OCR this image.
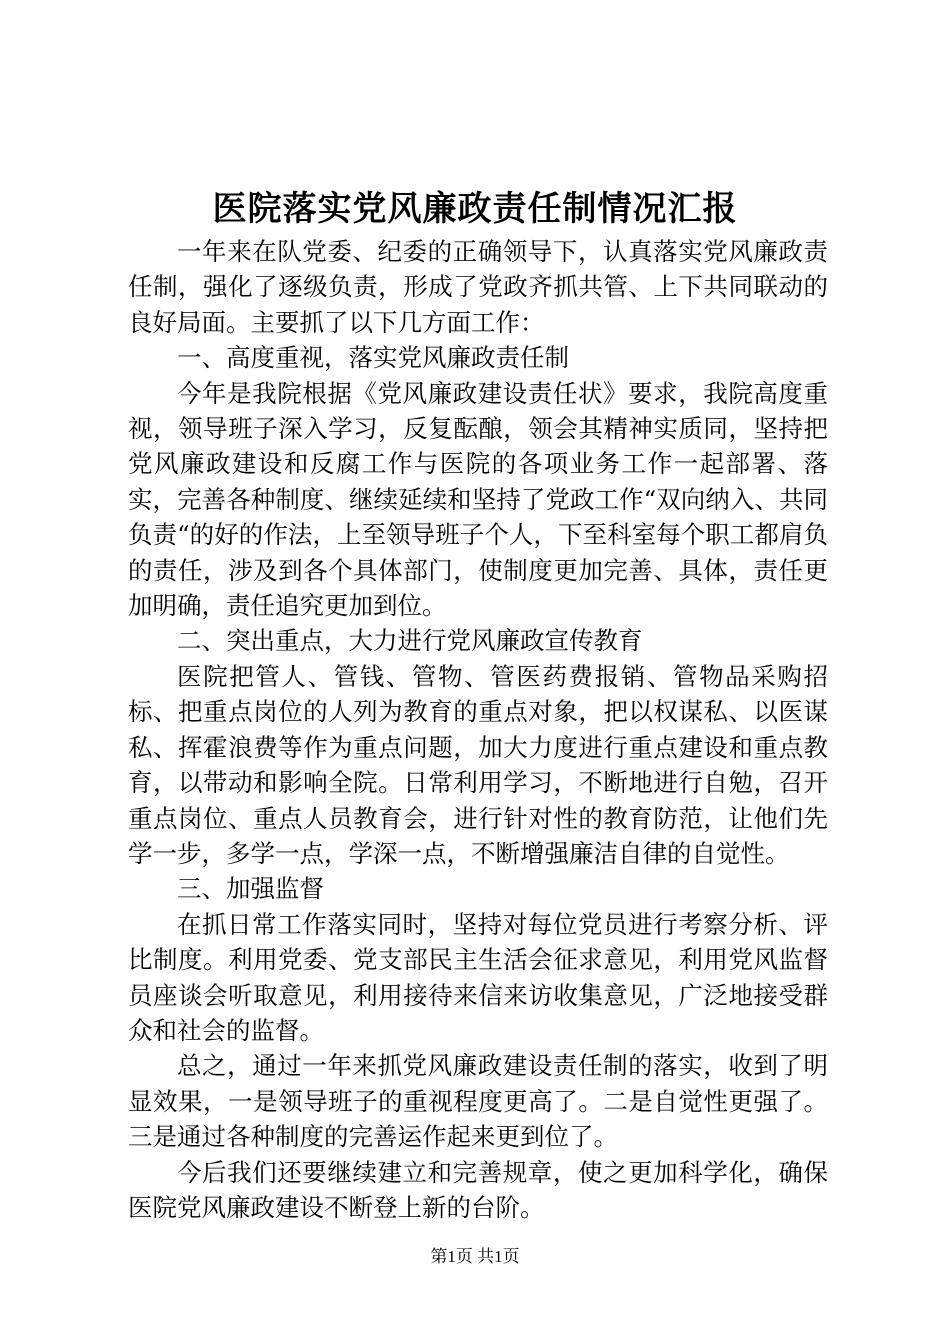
医院落实党风廉政责任制情况汇报

一年来在队党委、纪委的正确领导下，认真落实党风廉政责任制，强化了逐级负责，形成了党政齐抓共管、上下共同联动的良好局面。主要抓了以下几方面工作：

一、高度重视，落实党风廉政责任制

今年是我院根据《党风廉政建设责任状》要求，我院高度重视，领导班子深入学习，反复酝酿，领会其精神实质同，坚持把党风廉政建设和反腐工作与医院的各项业务工作一起部署、落实，完善各种制度、继续延续和坚持了党政工作“双向纳入、共同负责“的好的作法，上至领导班子个人，下至科室每个职工都肩负的责任，涉及到各个具体部门，使制度更加完善、具体，责任更加明确，责任追究更加到位。

二、突出重点，大力进行党风廉政宣传教育

医院把管人、管钱、管物、管医药费报销、管物品采购招标、把重点岗位的人列为教育的重点对象，把以权谋私、以医谋私、挥霍浪费等作为重点问题，加大力度进行重点建设和重点教育，以带动和影响全院。日常利用学习，不断地进行自勉，召开重点岗位、重点人员教育会，进行针对性的教育防范，让他们先学一步，多学一点，学深一点，不断增强廉洁自律的自觉性。

三、加强监督

在抓日常工作落实同时，坚持对每位党员进行考察分析、评比制度。利用党委、党支部民主生活会征求意见，利用党风监督员座谈会听取意见，利用接待来信来访收集意见，广泛地接受群众和社会的监督。

总之，通过一年来抓党风廉政建设责任制的落实，收到了明显效果，一是领导班子的重视程度更高了。二是自觉性更强了。三是通过各种制度的完善运作起来更到位了。

今后我们还要继续建立和完善规章，使之更加科学化，确保医院党风廉政建设不断登上新的台阶。

第1页 共1页
